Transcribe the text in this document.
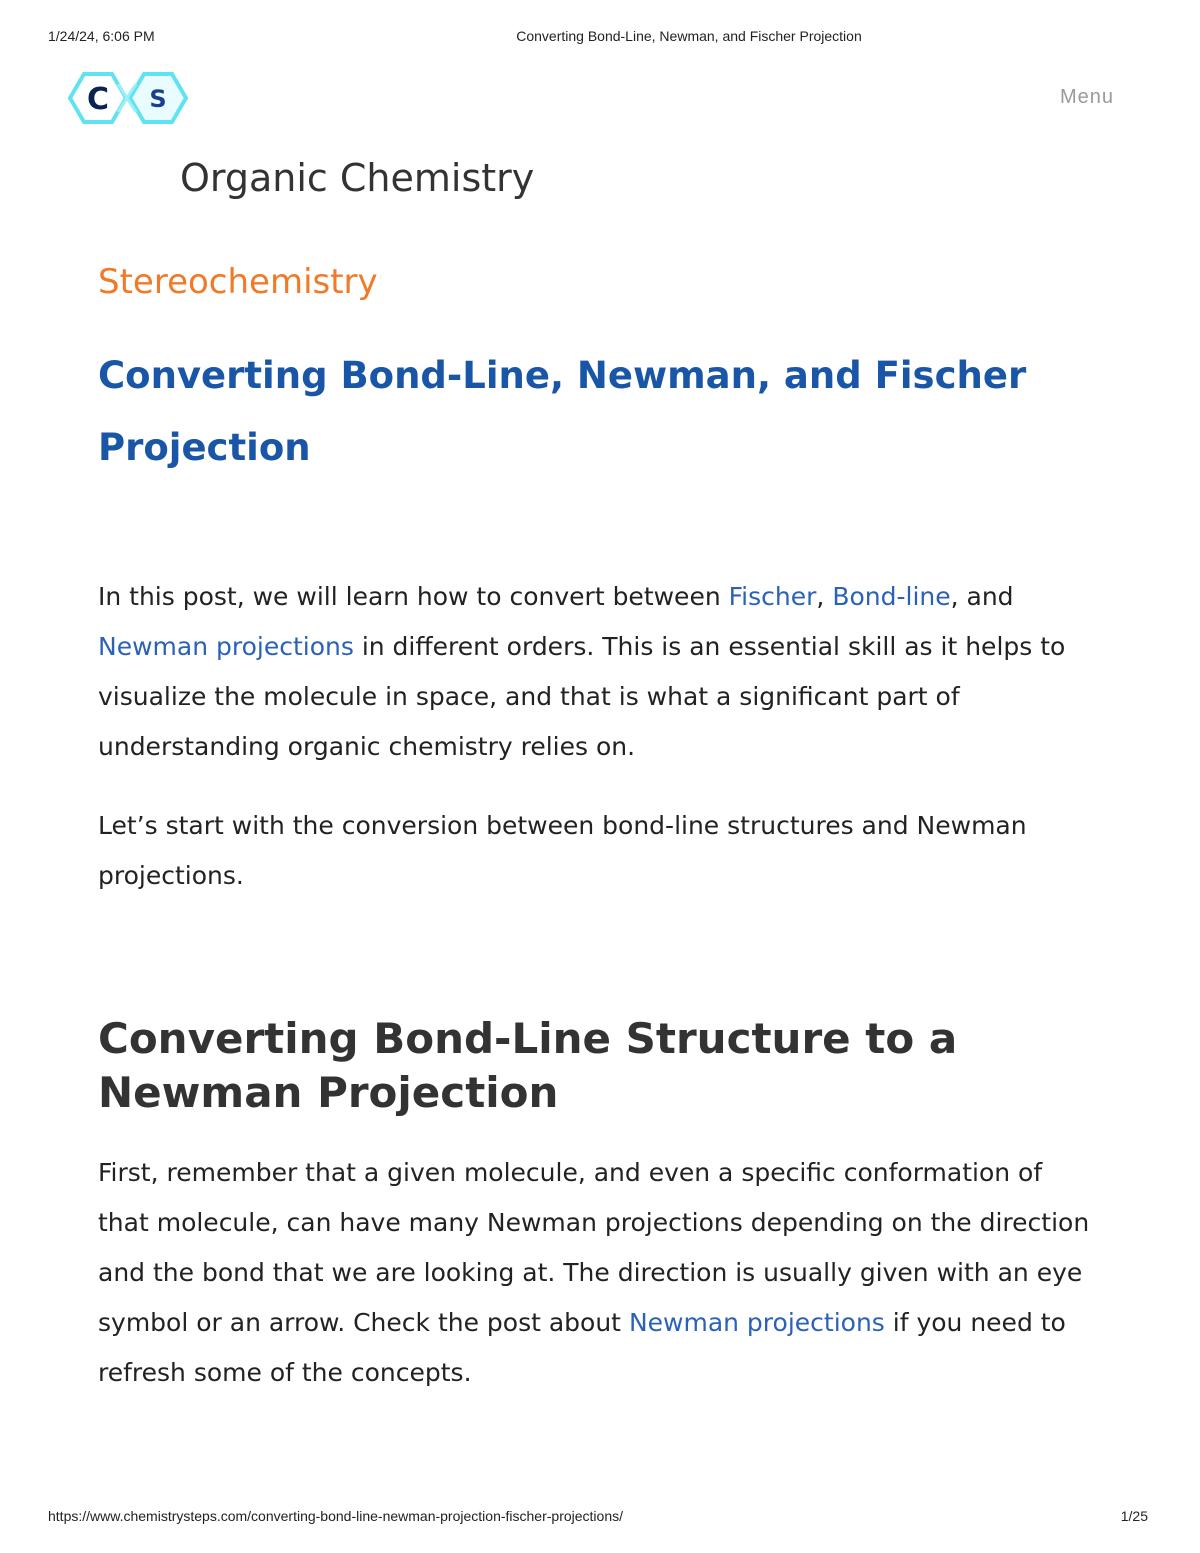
1/24/24, 6:06 PM	Converting Bond-Line, Newman, and Fischer Projection
C S	Menu
Organic Chemistry
Stereochemistry
Converting Bond-Line, Newman, and Fischer Projection

In this post, we will learn how to convert between Fischer, Bond-line, and Newman projections in different orders. This is an essential skill as it helps to visualize the molecule in space, and that is what a significant part of understanding organic chemistry relies on.

Let’s start with the conversion between bond-line structures and Newman projections.

Converting Bond-Line Structure to a Newman Projection

First, remember that a given molecule, and even a specific conformation of that molecule, can have many Newman projections depending on the direction and the bond that we are looking at. The direction is usually given with an eye symbol or an arrow. Check the post about Newman projections if you need to refresh some of the concepts.

https://www.chemistrysteps.com/converting-bond-line-newman-projection-fischer-projections/	1/25
